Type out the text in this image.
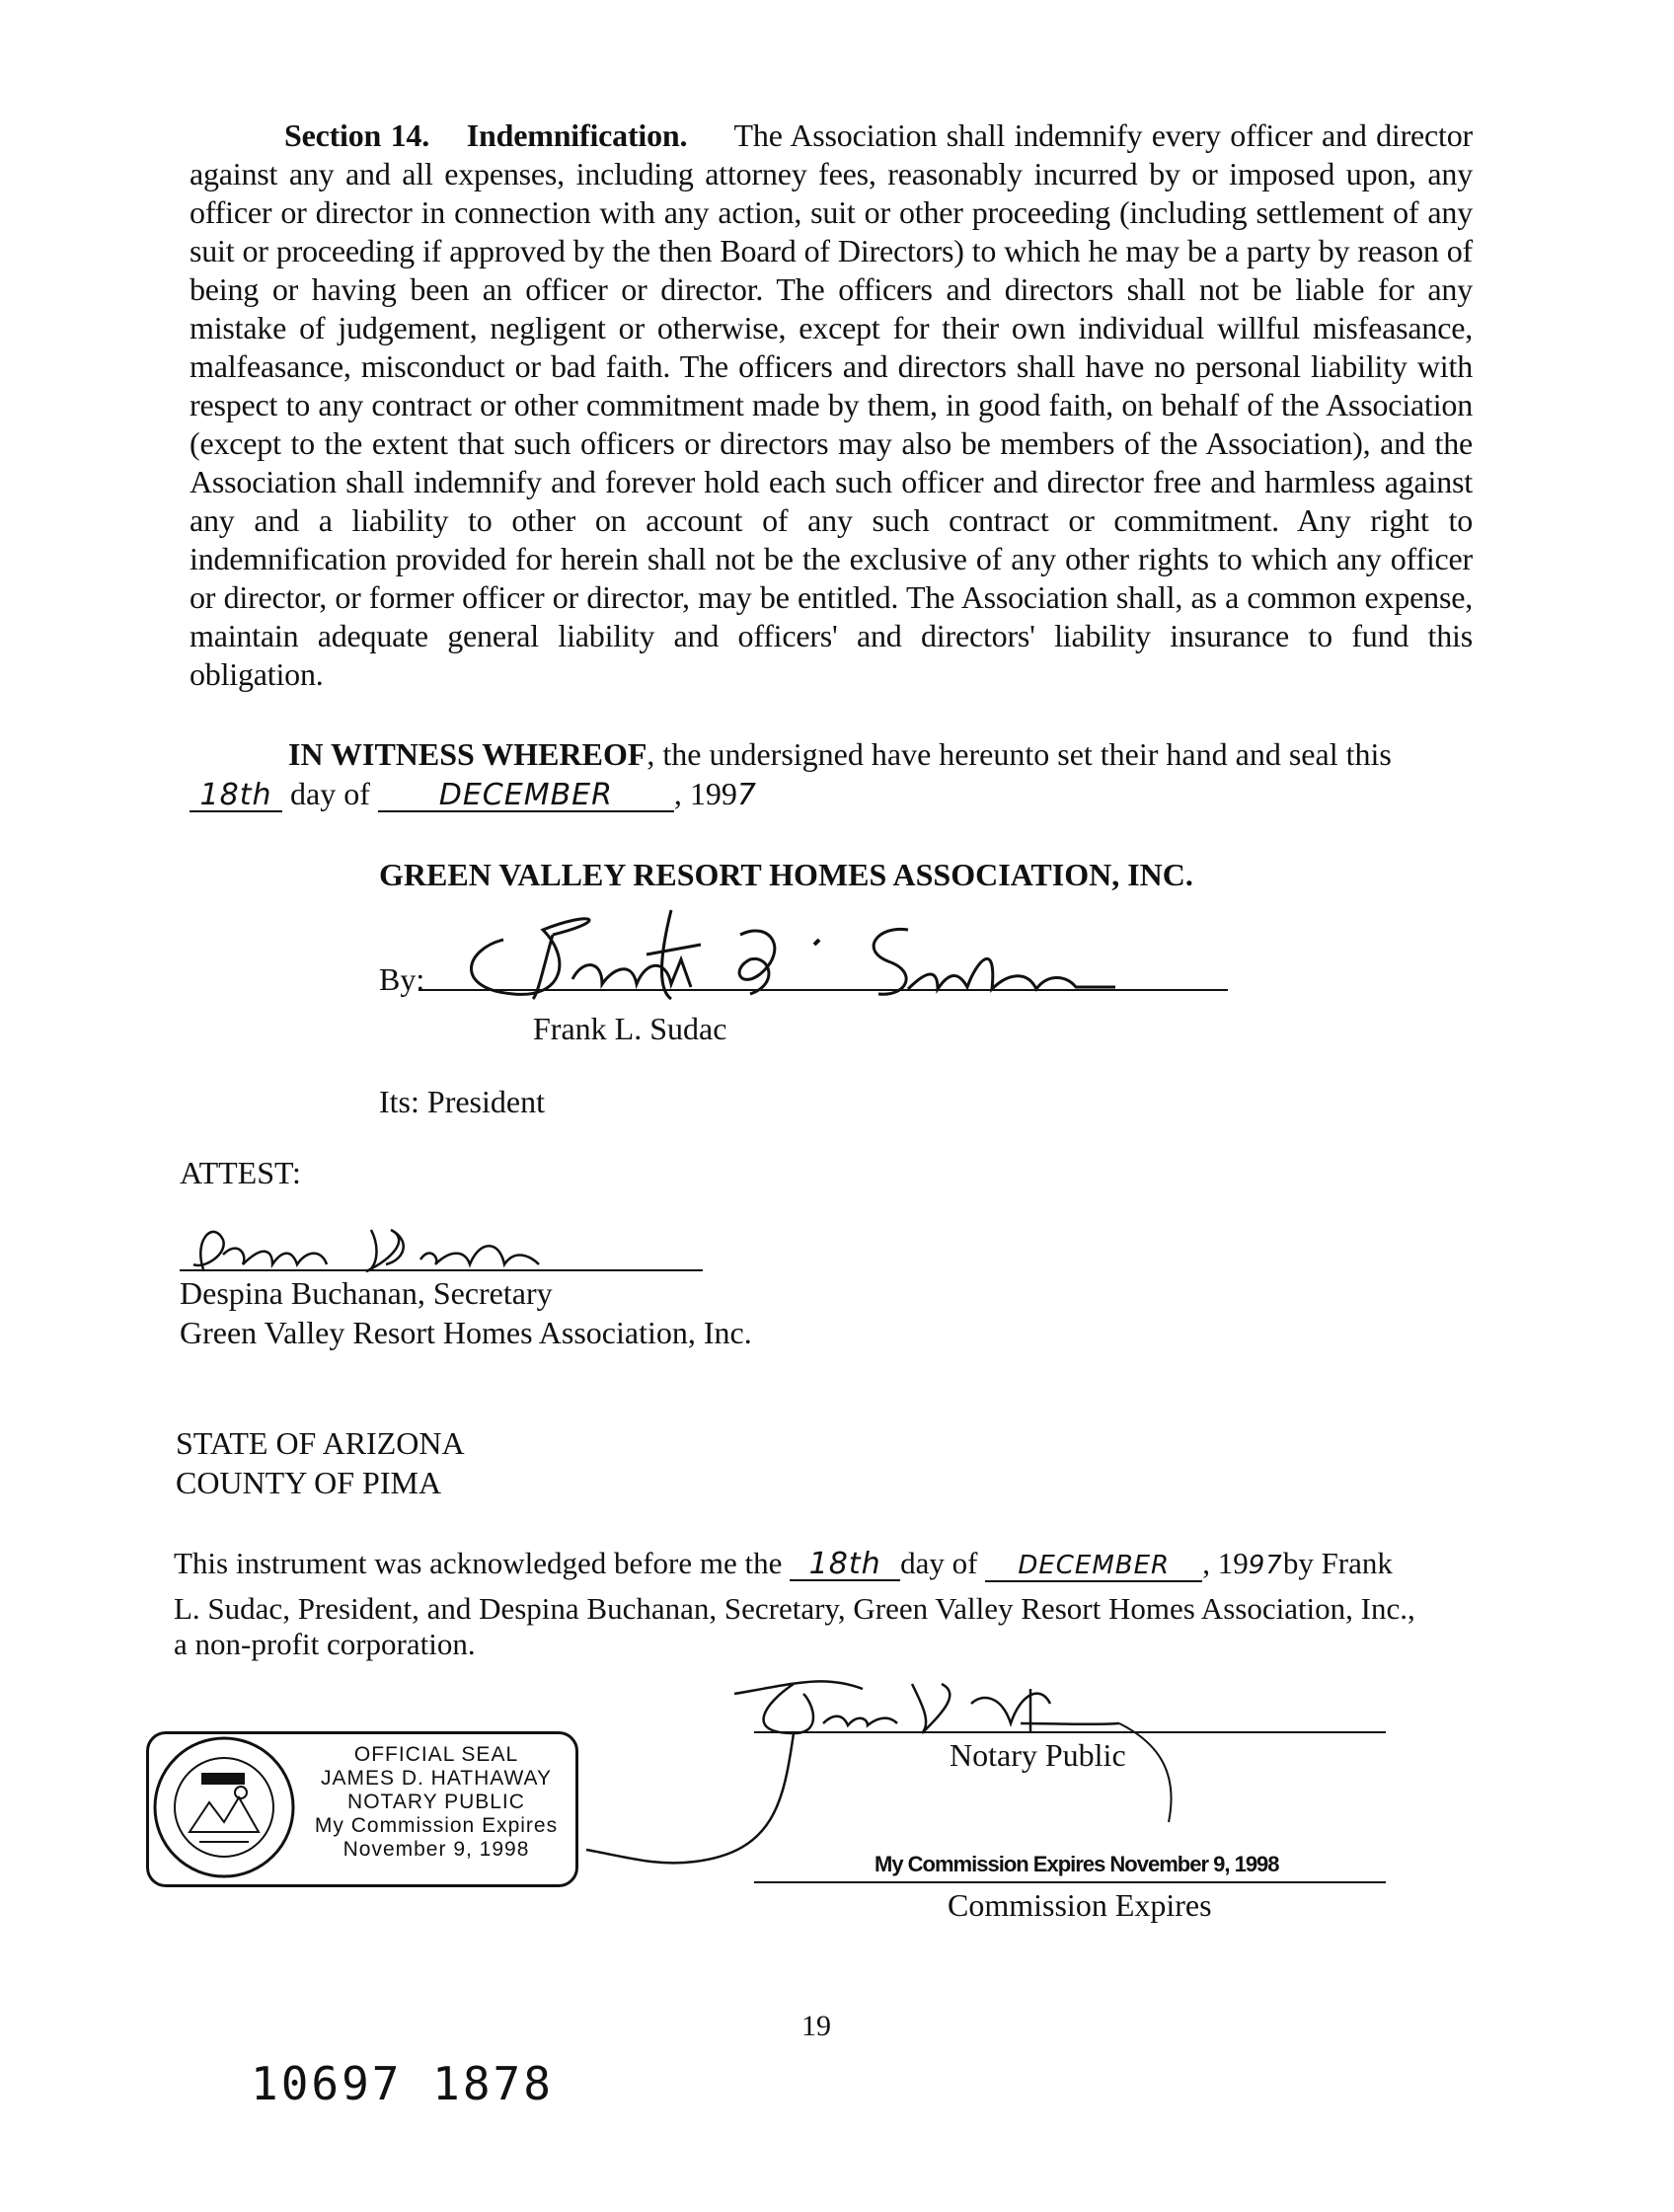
Section 14. Indemnification. The Association shall indemnify every officer and director against any and all expenses, including attorney fees, reasonably incurred by or imposed upon, any officer or director in connection with any action, suit or other proceeding (including settlement of any suit or proceeding if approved by the then Board of Directors) to which he may be a party by reason of being or having been an officer or director. The officers and directors shall not be liable for any mistake of judgement, negligent or otherwise, except for their own individual willful misfeasance, malfeasance, misconduct or bad faith. The officers and directors shall have no personal liability with respect to any contract or other commitment made by them, in good faith, on behalf of the Association (except to the extent that such officers or directors may also be members of the Association), and the Association shall indemnify and forever hold each such officer and director free and harmless against any and a liability to other on account of any such contract or commitment. Any right to indemnification provided for herein shall not be the exclusive of any other rights to which any officer or director, or former officer or director, may be entitled. The Association shall, as a common expense, maintain adequate general liability and officers' and directors' liability insurance to fund this obligation.
IN WITNESS WHEREOF, the undersigned have hereunto set their hand and seal this
18th day of DECEMBER , 1997
GREEN VALLEY RESORT HOMES ASSOCIATION, INC.
By:
Frank L. Sudac
Its: President
ATTEST:
Despina Buchanan, Secretary
Green Valley Resort Homes Association, Inc.
STATE OF ARIZONA
COUNTY OF PIMA
This instrument was acknowledged before me the 18th day of DECEMBER , 1997by Frank
L. Sudac, President, and Despina Buchanan, Secretary, Green Valley Resort Homes Association, Inc.,
a non-profit corporation.
Notary Public
My Commission Expires November 9, 1998
Commission Expires
OFFICIAL SEAL
JAMES D. HATHAWAY
NOTARY PUBLIC
My Commission Expires
November 9, 1998
19
10697 1878
